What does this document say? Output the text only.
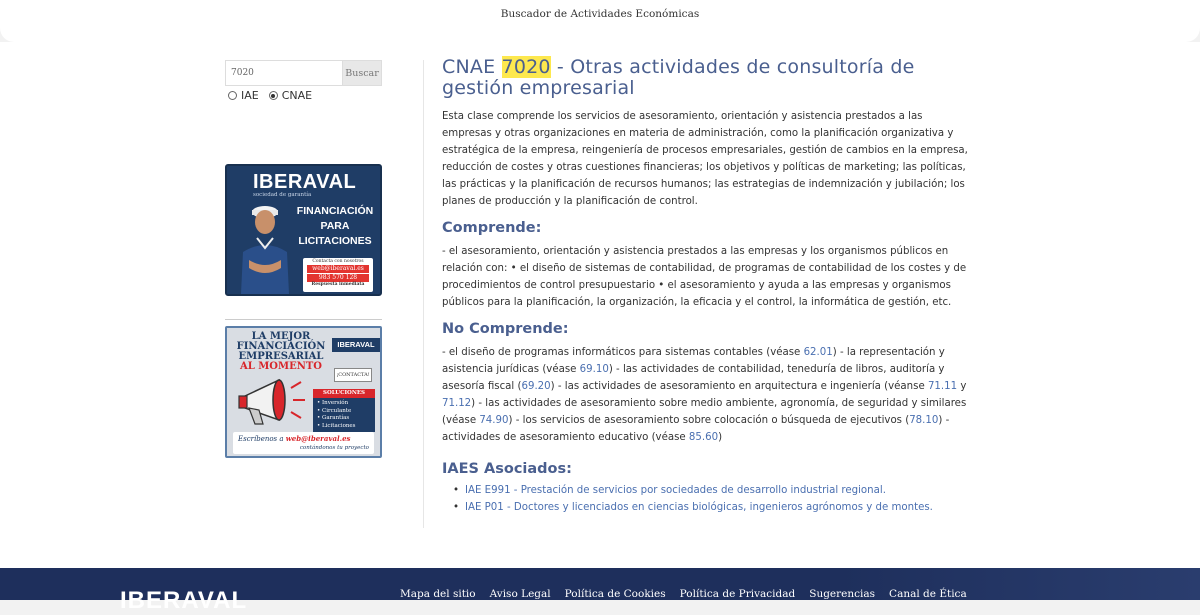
Buscador de Actividades Económicas
7020
Buscar
IAE CNAE
IBERAVAL
sociedad de garantía
FINANCIACIÓN
PARA
LICITACIONES
Contacta con nosotros
web@iberaval.es
983 570 128
Respuesta inmediata
LA MEJOR
FINANCIACIÓN
EMPRESARIAL
AL MOMENTO
IBERAVAL
¡CONTACTA!
SOLUCIONES
• Inversión
• Circulante
• Garantías
• Licitaciones
Escríbenos a web@iberaval.es
contándonos tu proyecto
CNAE 7020 - Otras actividades de consultoría de gestión empresarial

Esta clase comprende los servicios de asesoramiento, orientación y asistencia prestados a las empresas y otras organizaciones en materia de administración, como la planificación organizativa y estratégica de la empresa, reingeniería de procesos empresariales, gestión de cambios en la empresa, reducción de costes y otras cuestiones financieras; los objetivos y políticas de marketing; las políticas, las prácticas y la planificación de recursos humanos; las estrategias de indemnización y jubilación; los planes de producción y la planificación de control.

Comprende:

- el asesoramiento, orientación y asistencia prestados a las empresas y los organismos públicos en relación con: • el diseño de sistemas de contabilidad, de programas de contabilidad de los costes y de procedimientos de control presupuestario • el asesoramiento y ayuda a las empresas y organismos públicos para la planificación, la organización, la eficacia y el control, la informática de gestión, etc.

No Comprende:

- el diseño de programas informáticos para sistemas contables (véase 62.01) - la representación y asistencia jurídicas (véase 69.10) - las actividades de contabilidad, teneduría de libros, auditoría y asesoría fiscal (69.20) - las actividades de asesoramiento en arquitectura e ingeniería (véanse 71.11 y 71.12) - las actividades de asesoramiento sobre medio ambiente, agronomía, de seguridad y similares (véase 74.90) - los servicios de asesoramiento sobre colocación o búsqueda de ejecutivos (78.10) - actividades de asesoramiento educativo (véase 85.60)

IAES Asociados:
• IAE E991 - Prestación de servicios por sociedades de desarrollo industrial regional.
• IAE P01 - Doctores y licenciados en ciencias biológicas, ingenieros agrónomos y de montes.
IBERAVAL	Mapa del sitio Aviso Legal Política de Cookies Política de Privacidad Sugerencias Canal de Ética
